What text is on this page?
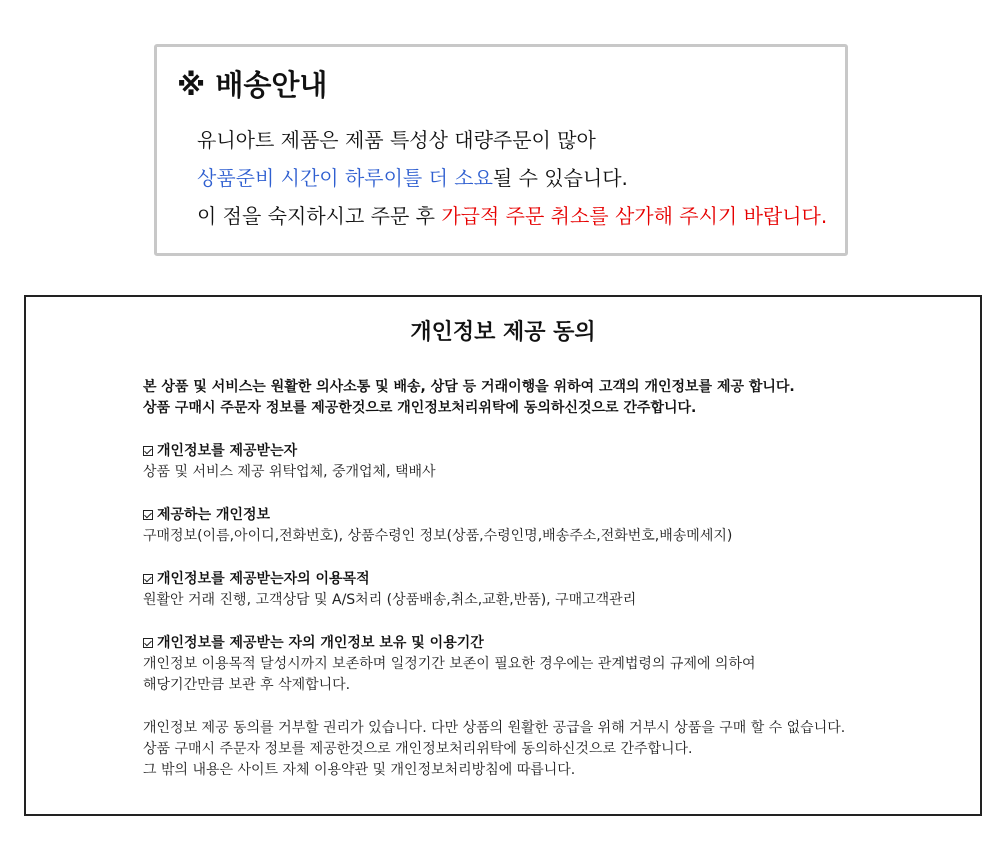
※ 배송안내
유니아트 제품은 제품 특성상 대량주문이 많아
상품준비 시간이 하루이틀 더 소요될 수 있습니다.
이 점을 숙지하시고 주문 후 가급적 주문 취소를 삼가해 주시기 바랍니다.
개인정보 제공 동의
본 상품 및 서비스는 원활한 의사소통 및 배송, 상담 등 거래이행을 위하여 고객의 개인정보를 제공 합니다.
상품 구매시 주문자 정보를 제공한것으로 개인정보처리위탁에 동의하신것으로 간주합니다.
개인정보를 제공받는자
상품 및 서비스 제공 위탁업체, 중개업체, 택배사
제공하는 개인정보
구매정보(이름,아이디,전화번호), 상품수령인 정보(상품,수령인명,배송주소,전화번호,배송메세지)
개인정보를 제공받는자의 이용목적
원활안 거래 진행, 고객상담 및 A/S처리 (상품배송,취소,교환,반품), 구매고객관리
개인정보를 제공받는 자의 개인정보 보유 및 이용기간
개인정보 이용목적 달성시까지 보존하며 일정기간 보존이 필요한 경우에는 관계법령의 규제에 의하여
해당기간만큼 보관 후 삭제합니다.
개인정보 제공 동의를 거부할 권리가 있습니다. 다만 상품의 원활한 공급을 위해 거부시 상품을 구매 할 수 없습니다.
상품 구매시 주문자 정보를 제공한것으로 개인정보처리위탁에 동의하신것으로 간주합니다.
그 밖의 내용은 사이트 자체 이용약관 및 개인정보처리방침에 따릅니다.
